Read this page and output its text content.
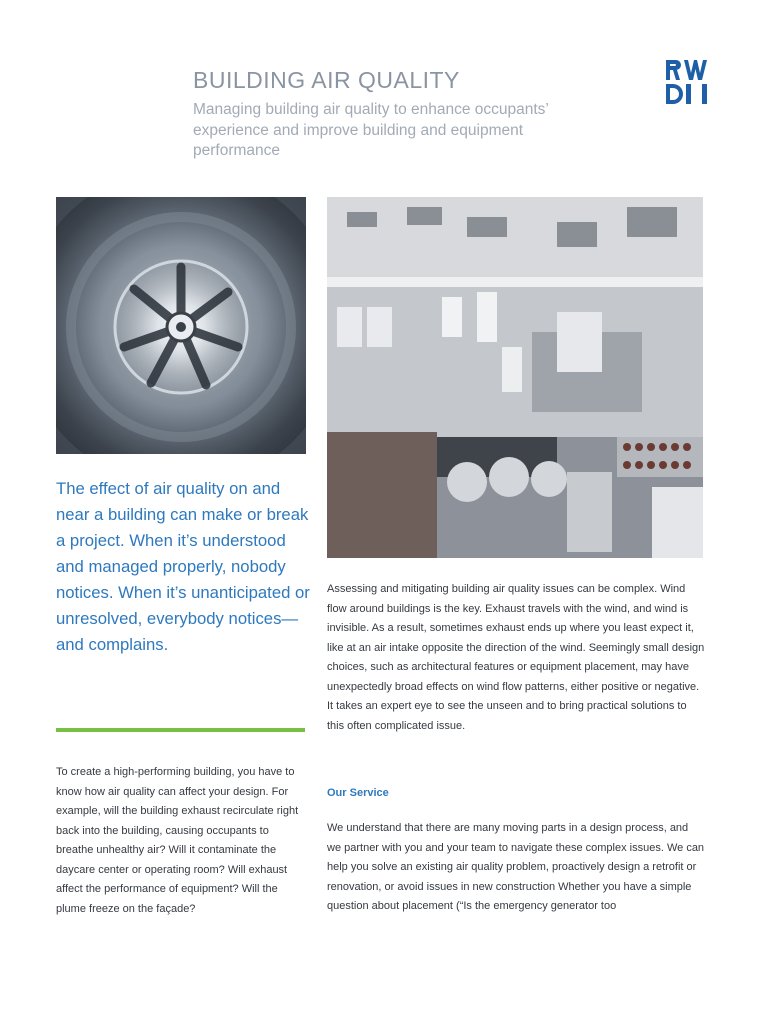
BUILDING AIR QUALITY
Managing building air quality to enhance occupants’ experience and improve building and equipment performance
The effect of air quality on and near a building can make or break a project. When it’s understood and managed properly, nobody notices. When it’s unanticipated or unresolved, everybody notices—and complains.
To create a high-performing building, you have to know how air quality can affect your design. For example, will the building exhaust recirculate right back into the building, causing occupants to breathe unhealthy air? Will it contaminate the daycare center or operating room? Will exhaust affect the performance of equipment? Will the plume freeze on the façade?
Assessing and mitigating building air quality issues can be complex. Wind flow around buildings is the key. Exhaust travels with the wind, and wind is invisible. As a result, sometimes exhaust ends up where you least expect it, like at an air intake opposite the direction of the wind. Seemingly small design choices, such as architectural features or equipment placement, may have unexpectedly broad effects on wind flow patterns, either positive or negative. It takes an expert eye to see the unseen and to bring practical solutions to this often complicated issue.
Our Service
We understand that there are many moving parts in a design process, and we partner with you and your team to navigate these complex issues. We can help you solve an existing air quality problem, proactively design a retrofit or renovation, or avoid issues in new construction Whether you have a simple question about placement (“Is the emergency generator too
